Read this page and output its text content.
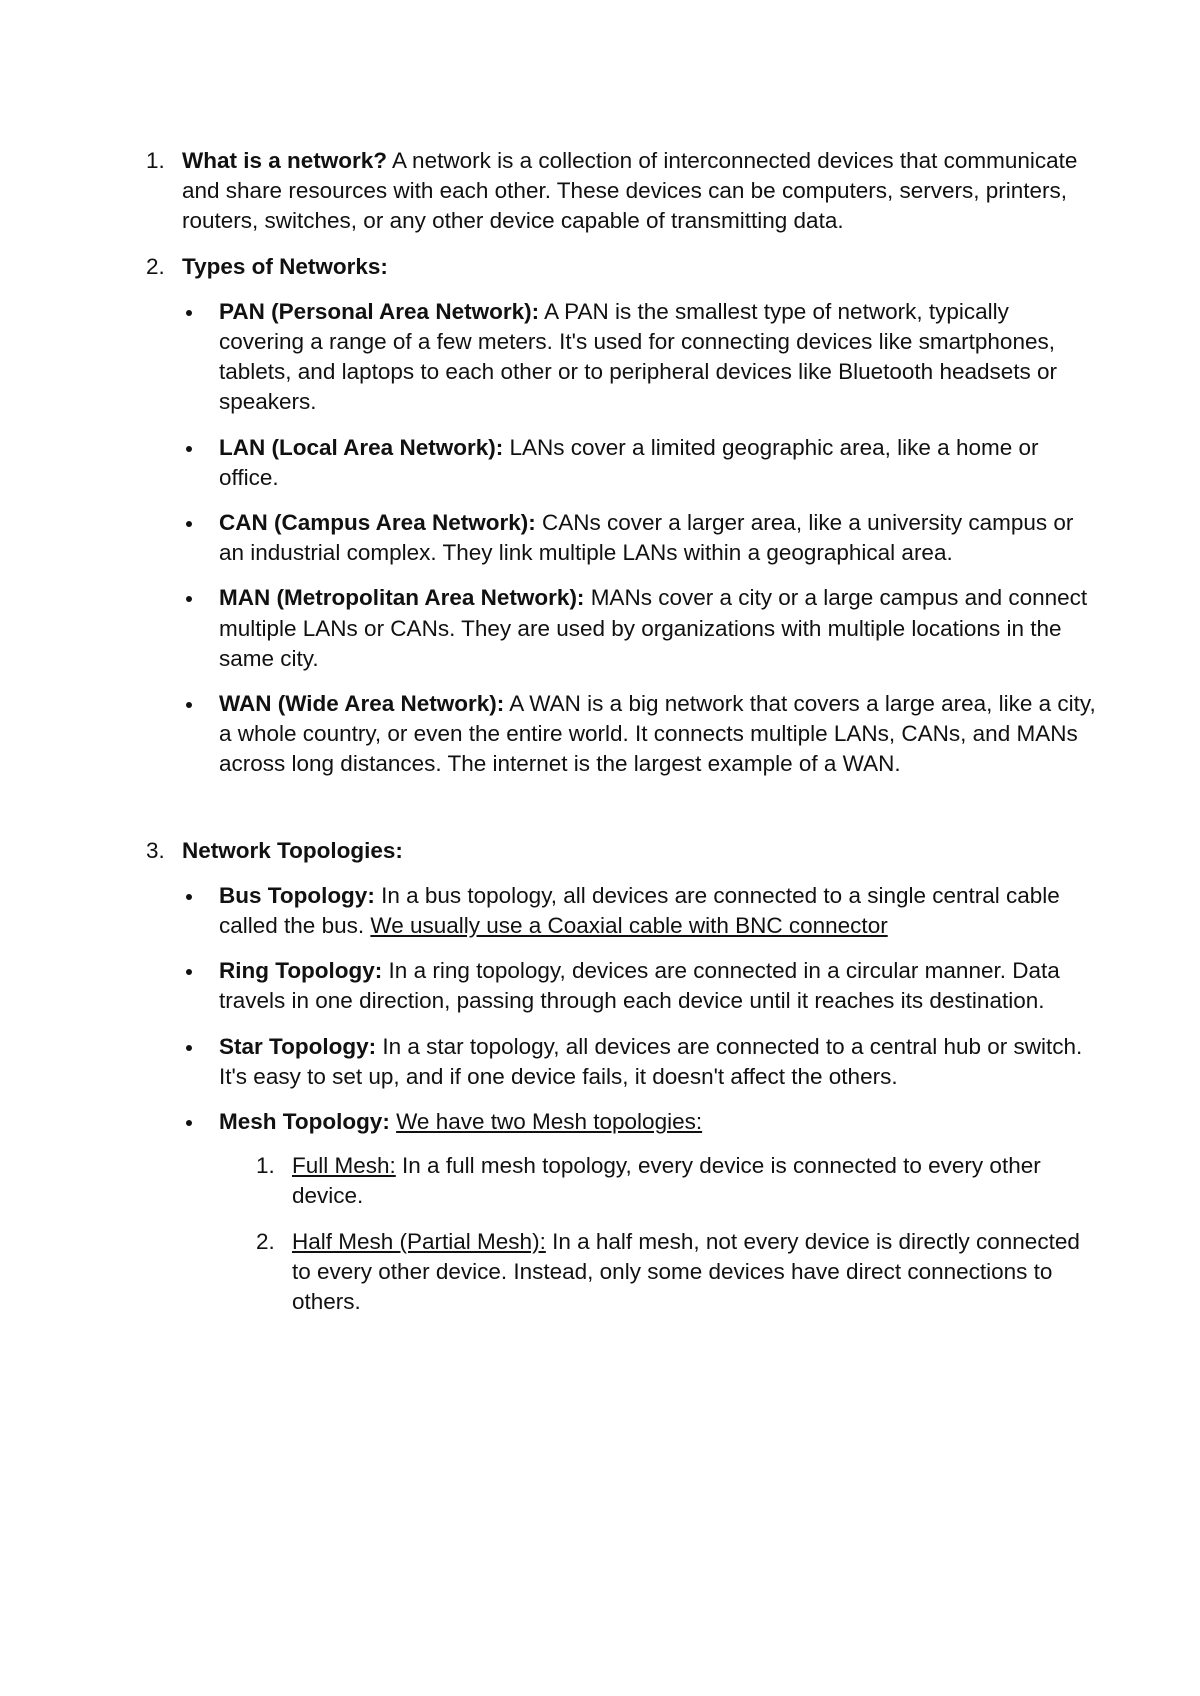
1. What is a network? A network is a collection of interconnected devices that communicate and share resources with each other. These devices can be computers, servers, printers, routers, switches, or any other device capable of transmitting data.
2. Types of Networks:
PAN (Personal Area Network): A PAN is the smallest type of network, typically covering a range of a few meters. It's used for connecting devices like smartphones, tablets, and laptops to each other or to peripheral devices like Bluetooth headsets or speakers.
LAN (Local Area Network): LANs cover a limited geographic area, like a home or office.
CAN (Campus Area Network): CANs cover a larger area, like a university campus or an industrial complex. They link multiple LANs within a geographical area.
MAN (Metropolitan Area Network): MANs cover a city or a large campus and connect multiple LANs or CANs. They are used by organizations with multiple locations in the same city.
WAN (Wide Area Network): A WAN is a big network that covers a large area, like a city, a whole country, or even the entire world. It connects multiple LANs, CANs, and MANs across long distances. The internet is the largest example of a WAN.
3. Network Topologies:
Bus Topology: In a bus topology, all devices are connected to a single central cable called the bus. We usually use a Coaxial cable with BNC connector
Ring Topology: In a ring topology, devices are connected in a circular manner. Data travels in one direction, passing through each device until it reaches its destination.
Star Topology: In a star topology, all devices are connected to a central hub or switch. It's easy to set up, and if one device fails, it doesn't affect the others.
Mesh Topology: We have two Mesh topologies:
1. Full Mesh: In a full mesh topology, every device is connected to every other device.
2. Half Mesh (Partial Mesh): In a half mesh, not every device is directly connected to every other device. Instead, only some devices have direct connections to others.
